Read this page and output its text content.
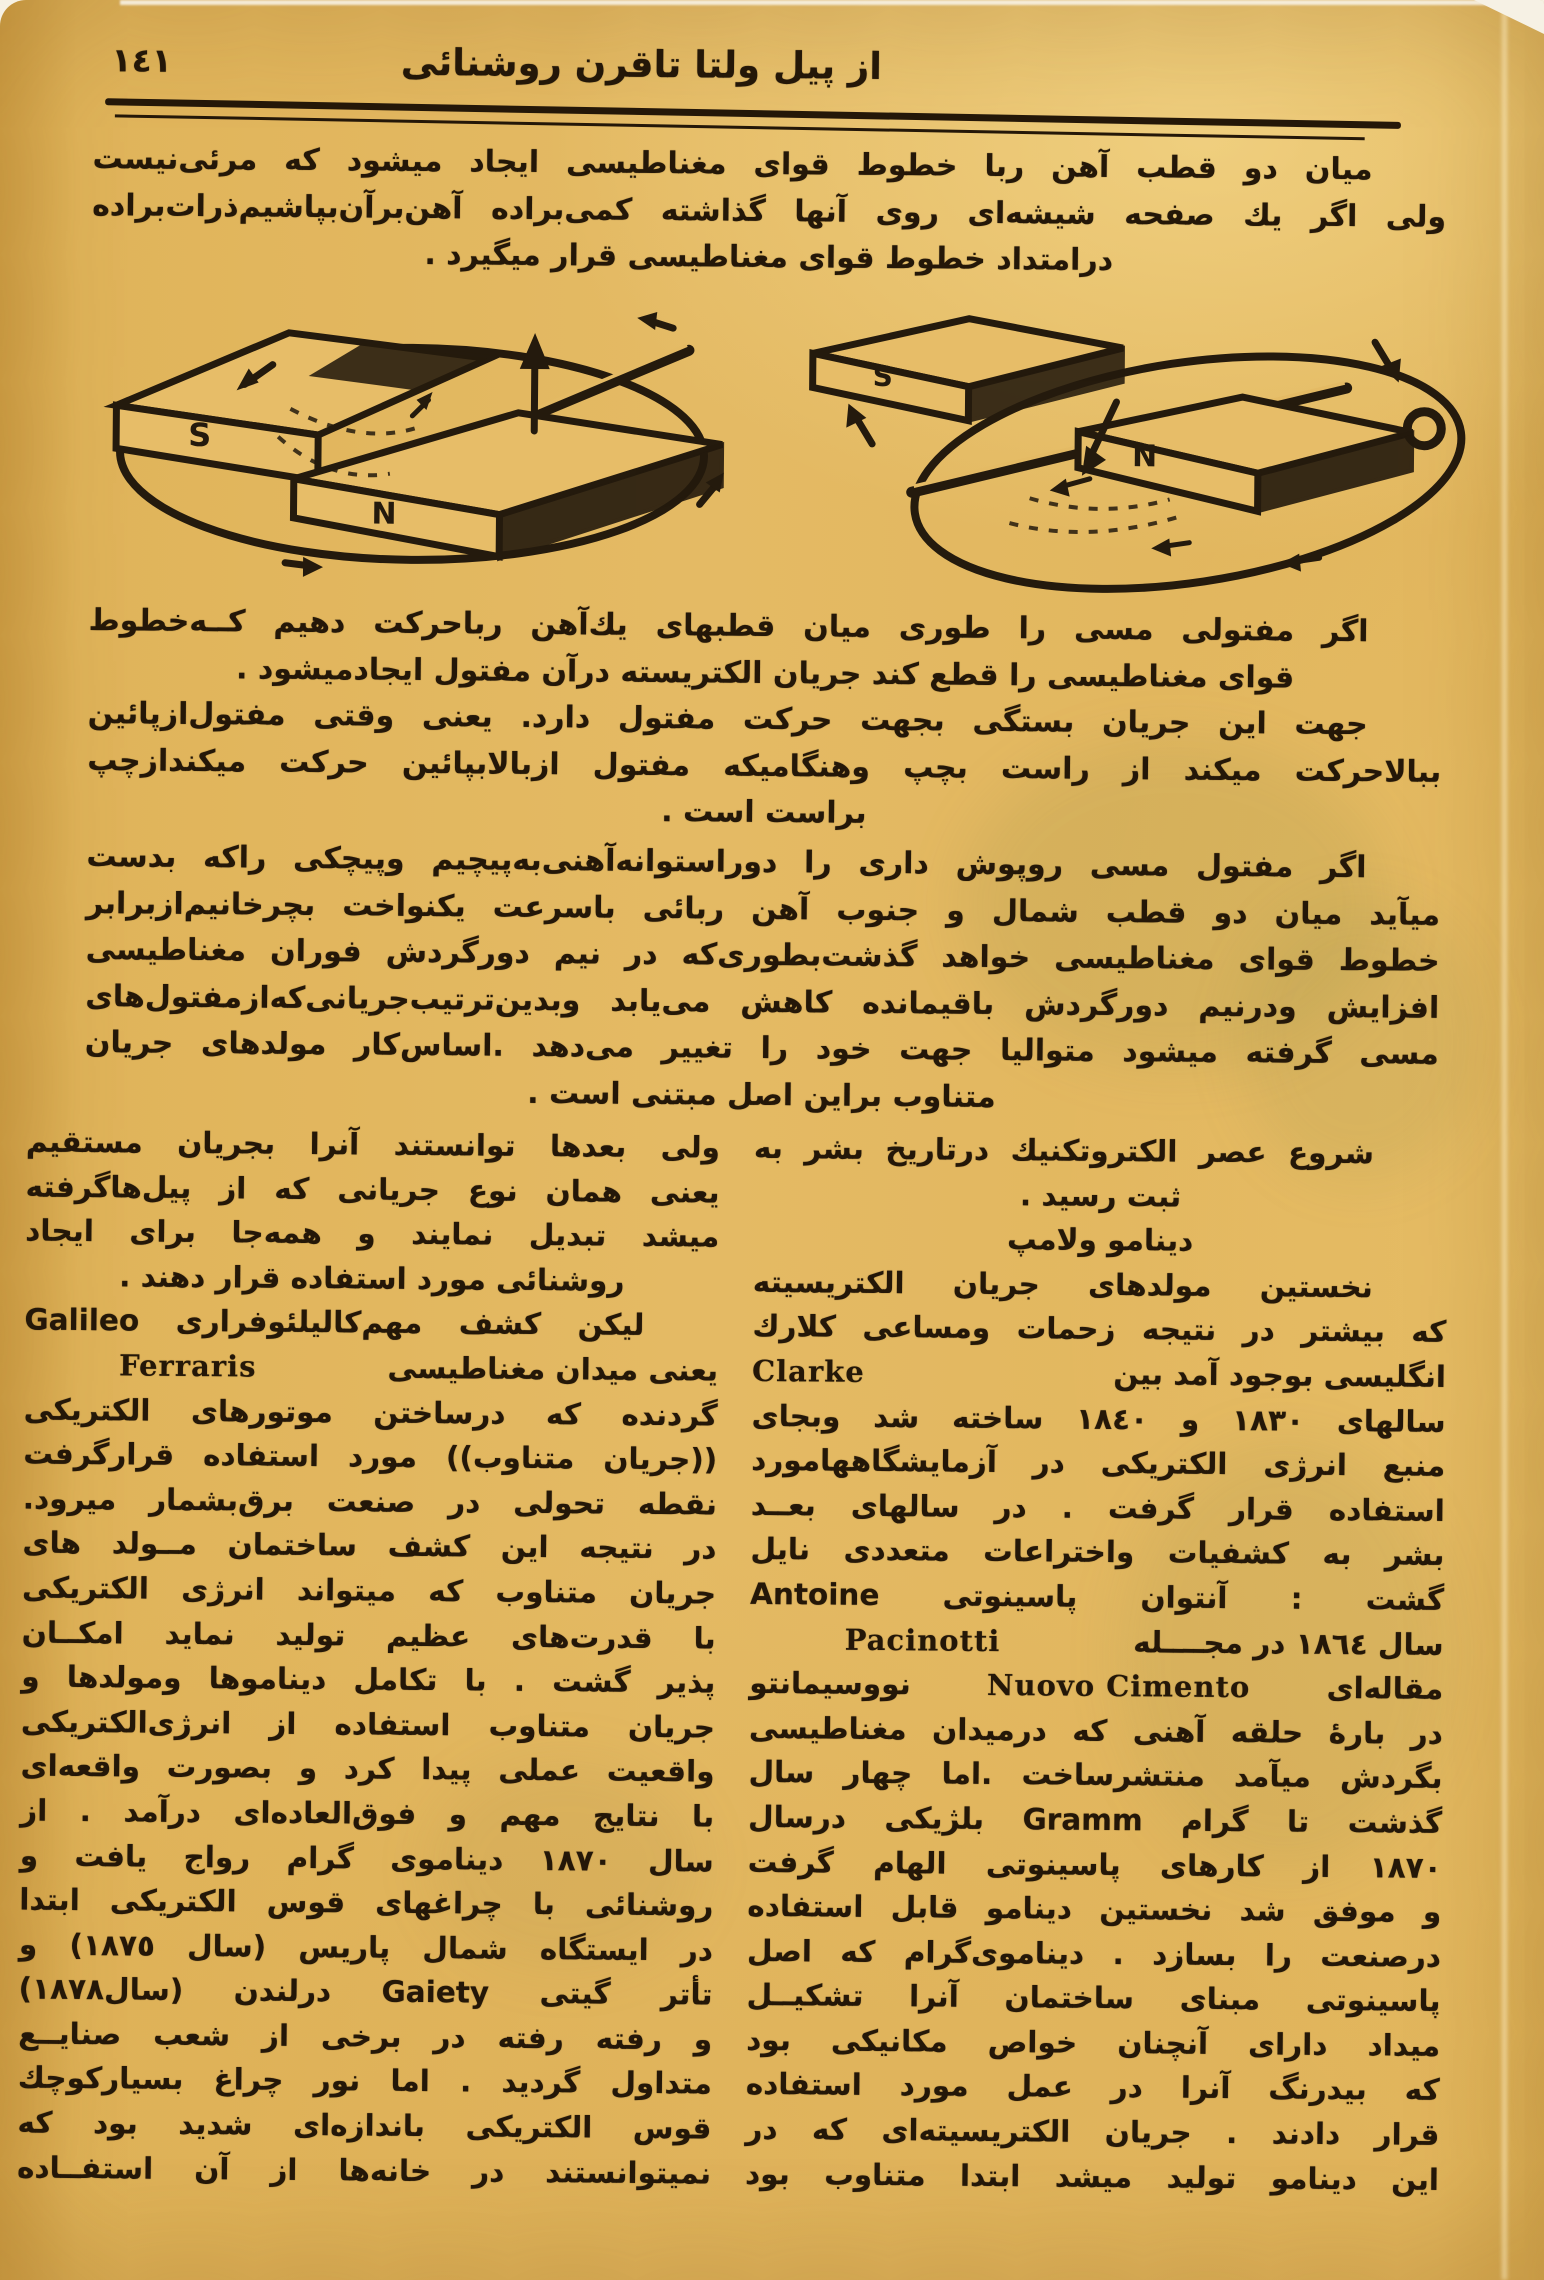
١٤١	از پیل ولتا تاقرن روشنائی
میان دو قطب آهن ربا خطوط قوای مغناطیسی ایجاد میشود كه مرئی‌نیست
ولی اگر یك صفحه شیشه‌ای روی آنها گذاشته كمی‌براده آهن‌برآن‌بپاشیم‌ذرات‌براده
درامتداد خطوط قوای مغناطیسی قرار میگیرد .
S
N
S
N
اگر مفتولی مسی را طوری میان قطبهای یك‌آهن رباحركت دهیم كــه‌خطوط
قوای مغناطیسی را قطع كند جریان الكتریسته درآن مفتول ایجادمیشود .
جهت این جریان بستگی بجهت حركت مفتول دارد. یعنی وقتی مفتول‌ازپائین
ببالاحركت میكند از راست بچپ وهنگامیكه مفتول ازبالابپائین حركت میكندازچپ
براست است .
اگر مفتول مسی روپوش داری را دوراستوانه‌آهنی‌به‌پیچیم وپیچكی راكه بدست
میآید میان دو قطب شمال و جنوب آهن ربائی باسرعت یكنواخت بچرخانیم‌ازبرابر
خطوط قوای مغناطیسی خواهد گذشت‌بطوری‌كه در نیم دورگردش فوران مغناطیسی
افزایش ودرنیم دورگردش باقیمانده كاهش می‌یابد وبدین‌ترتیب‌جریانی‌كه‌ازمفتول‌های
مسی گرفته میشود متوالیا جهت خود را تغییر می‌دهد .اساس‌كار مولدهای جریان
متناوب براین اصل مبتنی است .
ولی بعدها توانستند آنرا بجریان مستقیم
یعنی همان نوع جریانی كه از پیل‌هاگرفته
میشد تبدیل نمایند و همه‌جا برای ایجاد
روشنائی مورد استفاده قرار دهند .
لیكن كشف مهم‌كالیلئوفراری Galileo
Ferraris	یعنی میدان مغناطیسی
گردنده كه درساختن موتورهای الكتریكی
((جریان متناوب)) مورد استفاده قرارگرفت
نقطه تحولی در صنعت برق‌بشمار میرود.
در نتیجه این كشف ساختمان مــولد های
جریان متناوب كه میتواند انرژی الكتریكی
با قدرت‌های عظیم تولید نماید امكــان
پذیر گشت . با تكامل دیناموها ومولدها و
جریان متناوب استفاده از انرژی‌الكتریكی
واقعیت عملی پیدا كرد و بصورت واقعه‌ای
با نتایج مهم و فوق‌العاده‌ای درآمد . از
سال ١٨٧٠ دیناموی گرام رواج یافت و
روشنائی با چراغهای قوس الكتریكی ابتدا
در ایستگاه شمال پاریس (سال ١٨٧٥) و
تأتر گیتی Gaiety درلندن (سال١٨٧٨)
و رفته رفته در برخی از شعب صنایــع
متداول گردید . اما نور چراغ بسیاركوچك
قوس الكتریكی باندازه‌ای شدید بود كه
نمیتوانستند در خانه‌ها از آن استفــاده
شروع عصر الكتروتكنیك درتاریخ بشر به
ثبت رسید .
دینامو ولامپ
نخستین مولدهای جریان الكتریسیته
كه بیشتر در نتیجه زحمات ومساعی كلارك
Clarke	انگلیسی بوجود آمد بین
سالهای ١٨٣٠ و ١٨٤٠ ساخته شد وبجای
منبع انرژی الكتریكی در آزمایشگاههامورد
استفاده قرار گرفت . در سالهای بعــد
بشر به كشفیات واختراعات متعددی نایل
گشت : آنتوان پاسینوتی Antoine
Pacinotti	سال ١٨٦٤ در مجــــله
نووسیمانتو	Nuovo Cimento	مقاله‌ای
در بارهٔ حلقه آهنی كه درمیدان مغناطیسی
بگردش میآمد منتشرساخت .اما چهار سال
گذشت تا گرام Gramm بلژیكی درسال
١٨٧٠ از كارهای پاسینوتی الهام گرفت
و موفق شد نخستین دینامو قابل استفاده
درصنعت را بسازد . دیناموی‌گرام كه اصل
پاسینوتی مبنای ساختمان آنرا تشكیــل
میداد دارای آنچنان خواص مكانیكی بود
كه بیدرنگ آنرا در عمل مورد استفاده
قرار دادند . جریان الكتریسیته‌ای كه در
این دینامو تولید میشد ابتدا متناوب بود
